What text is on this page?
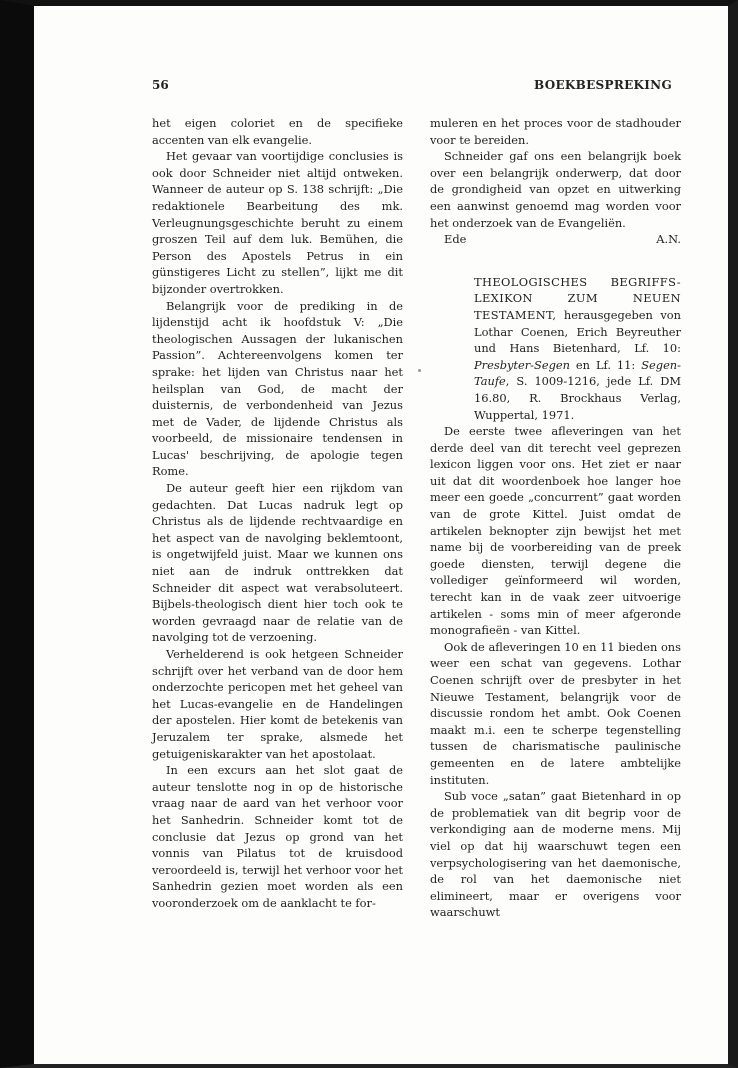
56	BOEKBESPREKING

het eigen coloriet en de specifieke accenten van elk evangelie.

Het gevaar van voortijdige conclusies is ook door Schneider niet altijd ontweken. Wanneer de auteur op S. 138 schrijft: „Die redaktionele Bearbeitung des mk. Verleugnungsgeschichte beruht zu einem groszen Teil auf dem luk. Bemühen, die Person des Apostels Petrus in ein günstigeres Licht zu stellen”, lijkt me dit bijzonder overtrokken.

Belangrijk voor de prediking in de lijdenstijd acht ik hoofdstuk V: „Die theologischen Aussagen der lukanischen Passion”. Achtereenvolgens komen ter sprake: het lijden van Christus naar het heilsplan van God, de macht der duisternis, de verbondenheid van Jezus met de Vader, de lijdende Christus als voorbeeld, de missionaire tendensen in Lucas' beschrijving, de apologie tegen Rome.

De auteur geeft hier een rijkdom van gedachten. Dat Lucas nadruk legt op Christus als de lijdende rechtvaardige en het aspect van de navolging beklemtoont, is ongetwijfeld juist. Maar we kunnen ons niet aan de indruk onttrekken dat Schneider dit aspect wat verabsoluteert. Bijbels-theologisch dient hier toch ook te worden gevraagd naar de relatie van de navolging tot de verzoening.

Verhelderend is ook hetgeen Schneider schrijft over het verband van de door hem onderzochte pericopen met het geheel van het Lucas-evangelie en de Handelingen der apostelen. Hier komt de betekenis van Jeruzalem ter sprake, alsmede het getuigeniskarakter van het apostolaat.

In een excurs aan het slot gaat de auteur tenslotte nog in op de historische vraag naar de aard van het verhoor voor het Sanhedrin. Schneider komt tot de conclusie dat Jezus op grond van het vonnis van Pilatus tot de kruisdood veroordeeld is, terwijl het verhoor voor het Sanhedrin gezien moet worden als een vooronderzoek om de aanklacht te for-

muleren en het proces voor de stadhouder voor te bereiden.

Schneider gaf ons een belangrijk boek over een belangrijk onderwerp, dat door de grondigheid van opzet en uitwerking een aanwinst genoemd mag worden voor het onderzoek van de Evangeliën.

Ede	A.N.

THEOLOGISCHES BEGRIFFS-LEXIKON ZUM NEUEN TESTAMENT, herausgegeben von Lothar Coenen, Erich Beyreuther und Hans Bietenhard, Lf. 10: Presbyter-Segen en Lf. 11: Segen-Taufe, S. 1009-1216, jede Lf. DM 16.80, R. Brockhaus Verlag, Wuppertal, 1971.

De eerste twee afleveringen van het derde deel van dit terecht veel geprezen lexicon liggen voor ons. Het ziet er naar uit dat dit woordenboek hoe langer hoe meer een goede „concurrent” gaat worden van de grote Kittel. Juist omdat de artikelen beknopter zijn bewijst het met name bij de voorbereiding van de preek goede diensten, terwijl degene die vollediger geïnformeerd wil worden, terecht kan in de vaak zeer uitvoerige artikelen - soms min of meer afgeronde monografieën - van Kittel.

Ook de afleveringen 10 en 11 bieden ons weer een schat van gegevens. Lothar Coenen schrijft over de presbyter in het Nieuwe Testament, belangrijk voor de discussie rondom het ambt. Ook Coenen maakt m.i. een te scherpe tegenstelling tussen de charismatische paulinische gemeenten en de latere ambtelijke instituten.

Sub voce „satan” gaat Bietenhard in op de problematiek van dit begrip voor de verkondiging aan de moderne mens. Mij viel op dat hij waarschuwt tegen een verpsychologisering van het daemonische, de rol van het daemonische niet elimineert, maar er overigens voor waarschuwt
